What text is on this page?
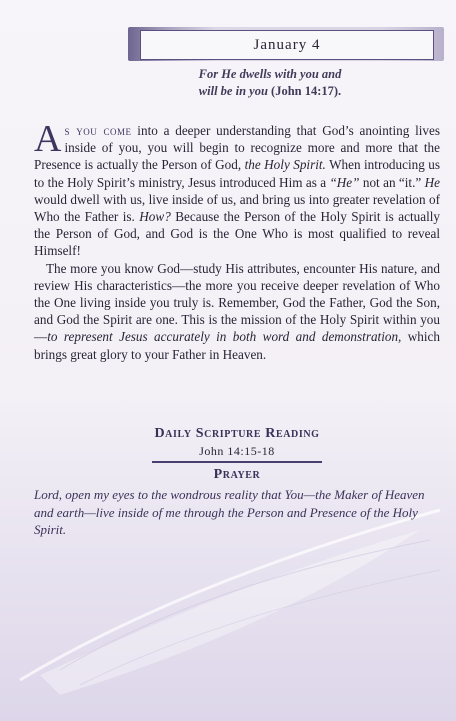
January 4
For He dwells with you and
will be in you (John 14:17).

As you come into a deeper understanding that God’s anointing lives inside of you, you will begin to recognize more and more that the Presence is actually the Person of God, the Holy Spirit. When introducing us to the Holy Spirit’s ministry, Jesus introduced Him as a “He” not an “it.” He would dwell with us, live inside of us, and bring us into greater revelation of Who the Father is. How? Because the Person of the Holy Spirit is actually the Person of God, and God is the One Who is most qualified to reveal Himself!

The more you know God—study His attributes, encounter His nature, and review His characteristics—the more you receive deeper revelation of Who the One living inside you truly is. Remember, God the Father, God the Son, and God the Spirit are one. This is the mission of the Holy Spirit within you—to represent Jesus accurately in both word and demonstration, which brings great glory to your Father in Heaven.

Daily Scripture Reading
John 14:15-18
Prayer
Lord, open my eyes to the wondrous reality that You—the Maker of Heaven and earth—live inside of me through the Person and Presence of the Holy Spirit.
